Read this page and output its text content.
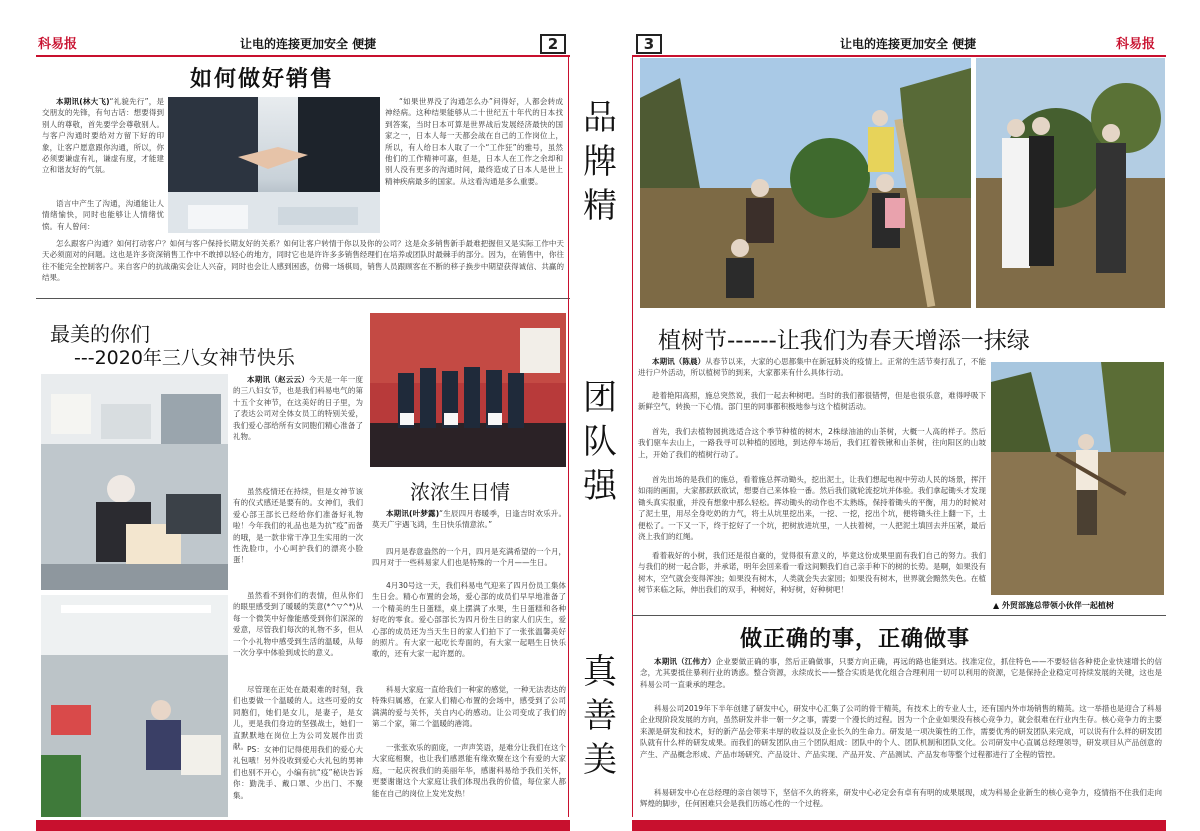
科易报	让电的连接更加安全 便捷	2
如何做好销售
本期讯(林大飞)“礼貌先行”，是交朋友的先锋，有句古话：想要得到别人的尊敬，首先要学会尊敬别人。与客户沟通时要给对方留下好的印象，让客户愿意跟你沟通，所以，你必须要谦虚有礼，谦虚有度，才能建立和谐友好的气氛。
语言中产生了沟通，沟通能让人情绪愉快，同时也能够让人情绪忧愤。有人曾问：
“如果世界没了沟通怎么办”问得好，人都会转成神经病。这种结果能够从二十世纪五十年代的日本找到答案，当时日本可算是世界战后发展经济最快的国家之一，日本人每一天都会战在自己的工作岗位上，所以，有人给日本人取了一个“工作狂”的雅号，虽然他们的工作精神可嘉，但是，日本人在工作之余却和别人没有更多的沟通时间，最终造成了日本人是世上精神疾病最多的国家。从这看沟通是多么重要。
怎么跟客户沟通？如何打动客户？如何与客户保持长期友好的关系？如何让客户转情于你以及你的公司？这是众多销售新手最难把握但又是实际工作中天天必须面对的问题。这也是许多资深销售工作中不敢掉以轻心的地方，同时它也是许许多多销售经理们在培养或团队时最棘手的部分。因为，在销售中，你往往不能完全控制客户。来自客户的抗战确实会让人兴奋，同时也会让人感到困惑，仿佛一场棋局，销售人员跟顾客在不断的移子换步中期望获得诚信、共赢的结果。
最美的你们
---2020年三八女神节快乐
本期讯（赵云云）今天是一年一度的三八妇女节，也是我们科易电气的第十五个女神节，在这美好的日子里，为了表达公司对全体女员工的特别关爱，我们爱心部给所有女同胞们精心准备了礼物。
虽然疫情还在持续，但是女神节该有的仪式感还是要有的。女神们，我们爱心部王部长已经给你们准备好礼物啦！今年我们的礼品也是为抗“疫”而备的哦，是一款非常干净卫生实用的一次性洗脸巾，小心呵护我们的漂亮小脸蛋！
虽然看不到你们的表情，但从你们的眼里感受到了暖暖的笑意(*^▽^*)从每一个微笑中好像能感受到你们深深的爱意，尽管我们每次的礼物不多，但从一个小礼物中感受到生活的温暖，从每一次分享中体验到成长的意义。
尽管现在正处在最艰难的时刻，我们也要做一个温暖的人。这些可爱的女同胞们，她们是女儿，是妻子，是女儿，更是我们身边的坚强战士，她们一直默默地在岗位上为公司发展作出贡献。 PS：女神们记得使用我们的爱心大礼包哦！另外没收到爱心大礼包的男神们也别不开心，小编有抗“疫”秘诀告诉你：勤洗手、戴口罩、少出门、不聚集。
浓浓生日情
本期讯(叶梦露)“生辰四月春暖季，日逢吉时欢乐升。莫天广宇遇飞鸿，生日快乐情意浓。”
四月是春意盎然的一个月，四月是充满希望的一个月，四月对于一些科易家人们也是特殊的一个月——生日。
4月30号这一天，我们科易电气迎来了四月份员工集体生日会。精心布置的会场，爱心部的成员们早早地准备了一个精美的生日蛋糕，桌上摆满了水果，生日蛋糕和各种好吃的零食。爱心部部长为四月份生日的家人们庆生，爱心部的成员还为当天生日的家人们拍下了一张张温馨美好的照片。有大家一起吃长寿面的，有大家一起唱生日快乐歌的，还有大家一起许愿的。
科易大家庭一直给我们一种家的感觉，一种无法表达的特殊归属感，在家人们精心布置的会场中，感受到了公司满满的爱与关怀，关自内心的感动。让公司变成了我们的第二个家，第二个温暖的港湾。
一张张欢乐的面庞，一声声笑语，是难分让我们在这个大家庭相聚，也让我们感恩能有缘欢聚在这个有爱的大家庭，一起庆祝我们的美丽年华，感谢科易给予我们关怀，更要谢谢这个大家庭让我们体现出我的价值，每位家人都能在自己的岗位上发光发热！
品
牌
精
团
队
强
真
善
美
3	让电的连接更加安全 便捷	科易报
植树节------让我们为春天增添一抹绿
本期讯（陈晨）从春节以来，大家的心思都集中在新冠肺炎的疫情上。正常的生活节奏打乱了，不能进行户外活动，所以植树节的到来，大家都来有什么具体行动。
趁着艳阳高照，施总突然说，我们一起去种树吧。当时的我们都很错愕，但是也很乐意，难得呼吸下新鲜空气，转换一下心情。部门里的同事都积极地参与这个植树活动。
首先，我们去植物园挑选适合这个季节种植的树木，2株绿油油的山茶树，大概一人高的样子。然后我们驱车去山上，一路我寻可以种植的园地，到达停车场后，我们扛着铁锹和山茶树，往向阳区的山坡上，开始了我们的植树行动了。
首先出场的是我们的施总，看着施总挥动锄头，挖出泥土，让我们想起电视中劳动人民的场景，挥汗如雨的画面，大家都跃跃欲试，想要自己来体验一番。然后我们就轮流挖坑并体验。我们拿起锄头才发现锄头真实很重，并没有想象中那么轻松。挥动锄头的动作也不太熟练，保持着锄头的平衡，用力的时候对了泥土里，用尽全身吃奶的力气，将土从坑里挖出来，一挖、一挖，挖出个坑，便将锄头往上翻一下，土便松了。一下又一下，终于挖好了一个坑，把树放进坑里，一人扶着树，一人把泥土填回去并压紧，最后浇上我们的红绳。
看着栽好的小树，我们还是很自豪的，觉得很有意义的，毕竟这份成果里面有我们自己的努力。我们与我们的树一起合影，并承诺，明年会回来看一看这间颗我们自己亲手种下的树的长势。是啊，如果没有树木，空气就会变得浑浊；如果没有树木，人类就会失去家园；如果没有树木，世界就会黯然失色。在植树节来临之际，伸出我们的双手，种树好，种好树，好种树吧！
▲ 外贸部施总带领小伙伴一起植树
做正确的事，正确做事
本期讯（江伟方）企业要做正确的事，然后正确做事，只要方向正确，再远的路也能到达。找准定位，抓住特色——不要轻信各种使企业快速增长的信念，尤其要抵住暴利行业的诱惑。整合资源，永续成长——整合实质是优化组合合理利用一切可以利用的资源，它是保持企业稳定可持续发展的关键，这也是科易公司一直秉承的理念。
科易公司2019年下半年创建了研发中心，研发中心汇集了公司的骨干精英，有技术上的专业人士，还有国内外市场销售的精英。这一举措也是迎合了科易企业现阶段发展的方向，虽然研发并非一朝一夕之事，需要一个漫长的过程。因为一个企业如果没有核心竞争力，就会很难在行业内生存。核心竞争力的主要来源是研发和技术，好的新产品会带来丰厚的收益以及企业长久的生命力。研发是一项决策性的工作，需要优秀的研发团队来完成，可以说有什么样的研发团队就有什么样的研发成果。而我们的研发团队由三个团队组成：团队中的个人、团队机制和团队文化。公司研发中心直属总经理领导，研发项目从产品创意的产生、产品概念形成、产品市场研究、产品设计、产品实现、产品开发、产品测试、产品发布等整个过程都进行了全程的管控。
科易研发中心在总经理的亲自领导下，坚信不久的将来，研发中心必定会有卓有有明的成果展现，成为科易企业新生的核心竞争力，疫情指不住我们走向辉煌的脚步，任何困难只会是我们历练心性的一个过程。
